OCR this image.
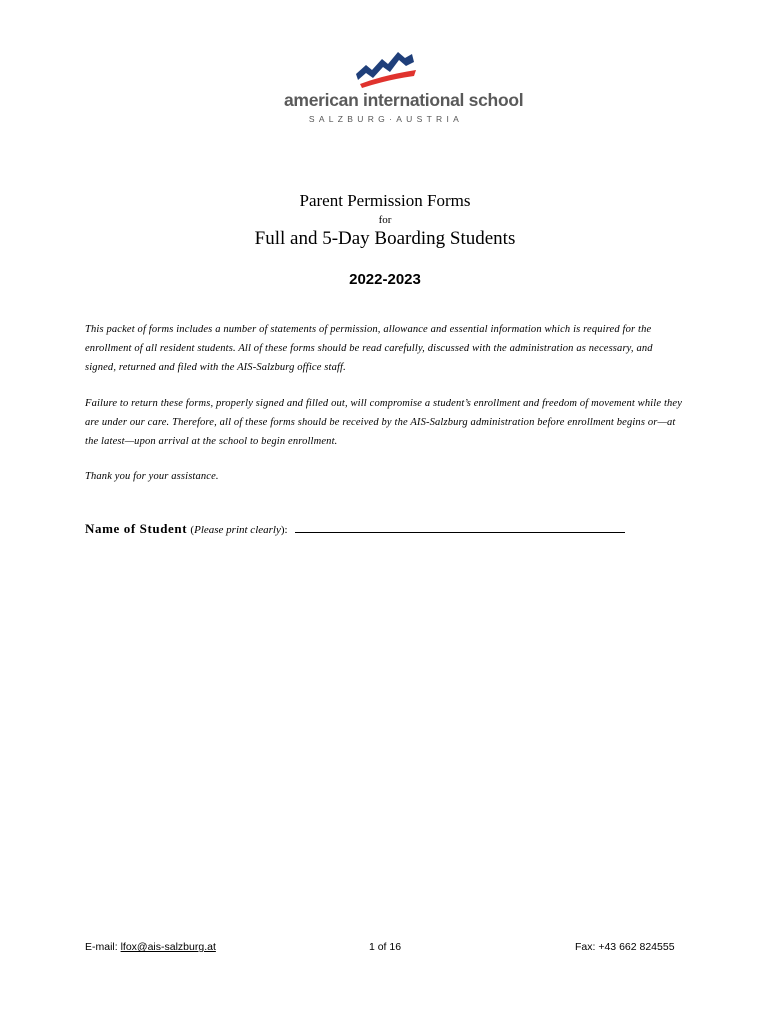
american international school
SALZBURG·AUSTRIA
Parent Permission Forms
for
Full and 5-Day Boarding Students
2022-2023

This packet of forms includes a number of statements of permission, allowance and essential information which is required for the enrollment of all resident students. All of these forms should be read carefully, discussed with the administration as necessary, and signed, returned and filed with the AIS-Salzburg office staff.

Failure to return these forms, properly signed and filled out, will compromise a student’s enrollment and freedom of movement while they are under our care. Therefore, all of these forms should be received by the AIS-Salzburg administration before enrollment begins or—at the latest—upon arrival at the school to begin enrollment.

Thank you for your assistance.

Name of Student (Please print clearly):
E-mail: lfox@ais-salzburg.at	1 of 16	Fax: +43 662 824555
